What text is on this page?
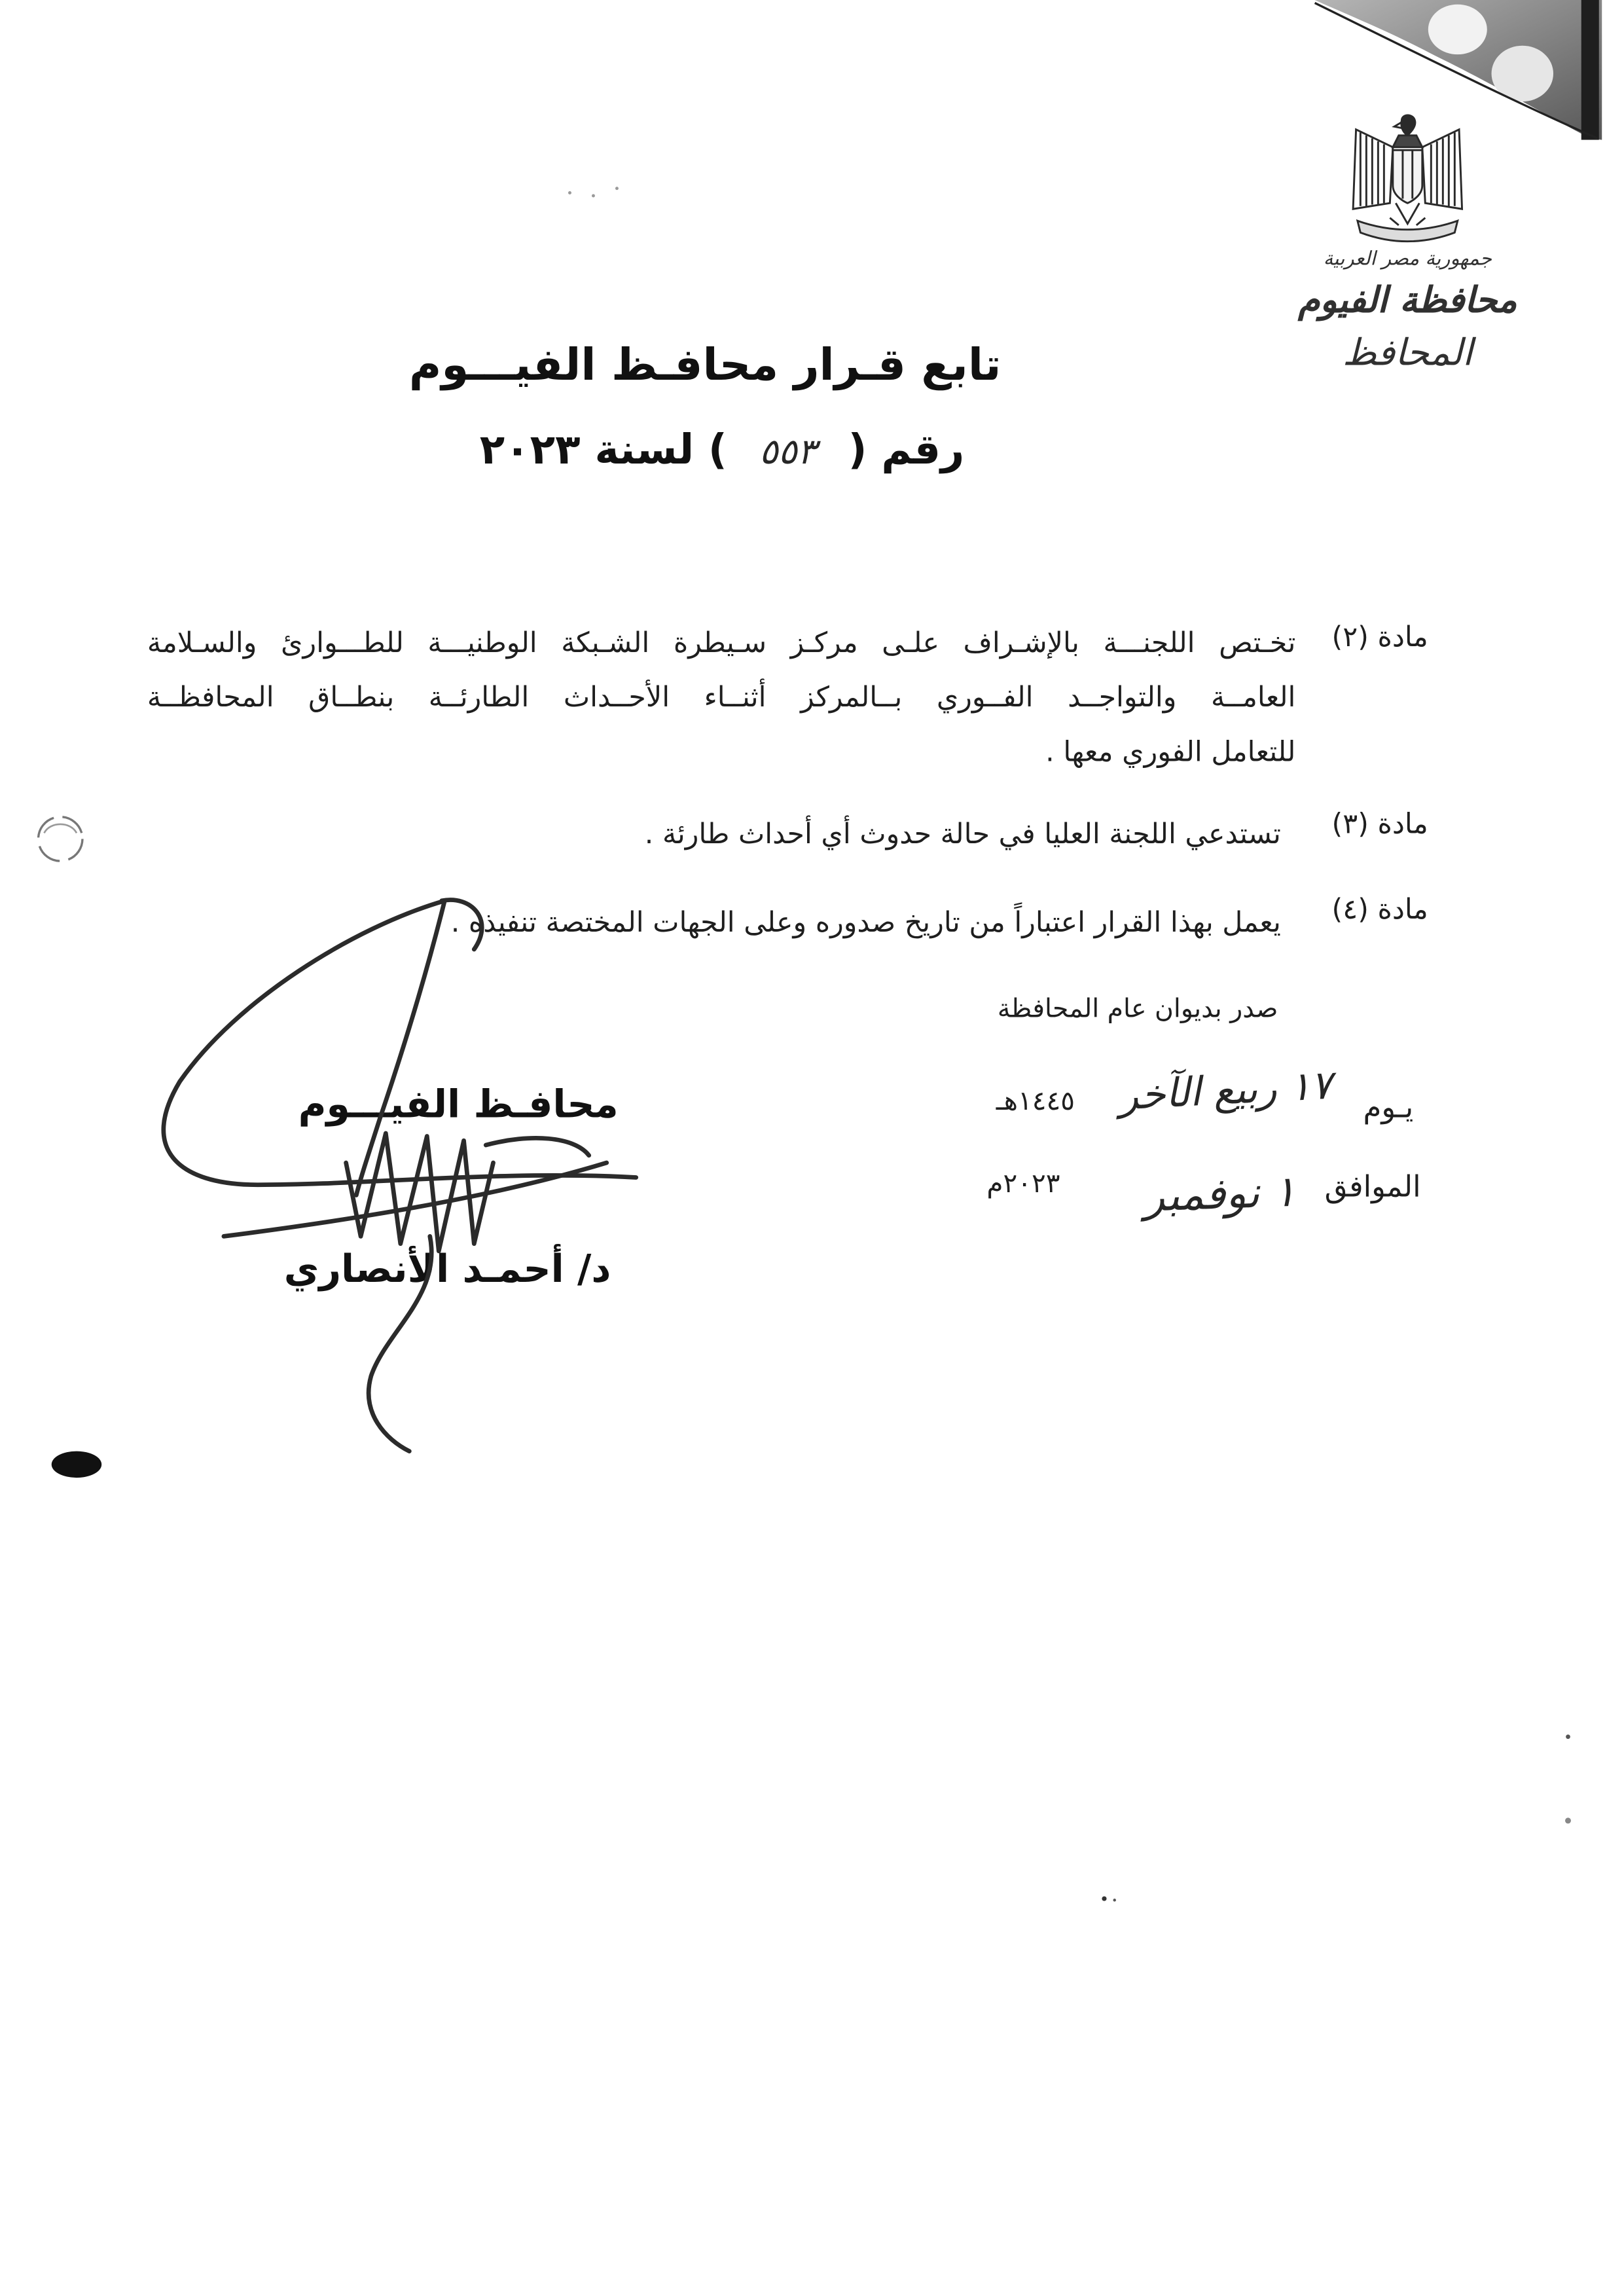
جمهورية مصر العربية
محافظة الفيوم
المحافظ
تابع قـرار محافـظ الفيـــوم
رقم ( ٥٥٣ ) لسنة ٢٠٢٣
مادة (٢)
تخـتص اللجنـــة بالإشـراف علـى مركـز سـيطرة الشـبكة الوطنيـــة للطـــوارئ والسـلامة
العامــة والتواجــد الفــوري بــالمركز أثنــاء الأحــداث الطارئــة بنطــاق المحافظــة
للتعامل الفوري معها .
مادة (٣)
تستدعي اللجنة العليا في حالة حدوث أي أحداث طارئة .
مادة (٤)
يعمل بهذا القرار اعتباراً من تاريخ صدوره وعلى الجهات المختصة تنفيذه .
صدر بديوان عام المحافظة
يـوم
١٧ ربيع الآخر
١٤٤٥هـ
الموافق
١ نوفمبر
٢٠٢٣م
محافـظ الفيـــوم
د/ أحمـد الأنصاري
